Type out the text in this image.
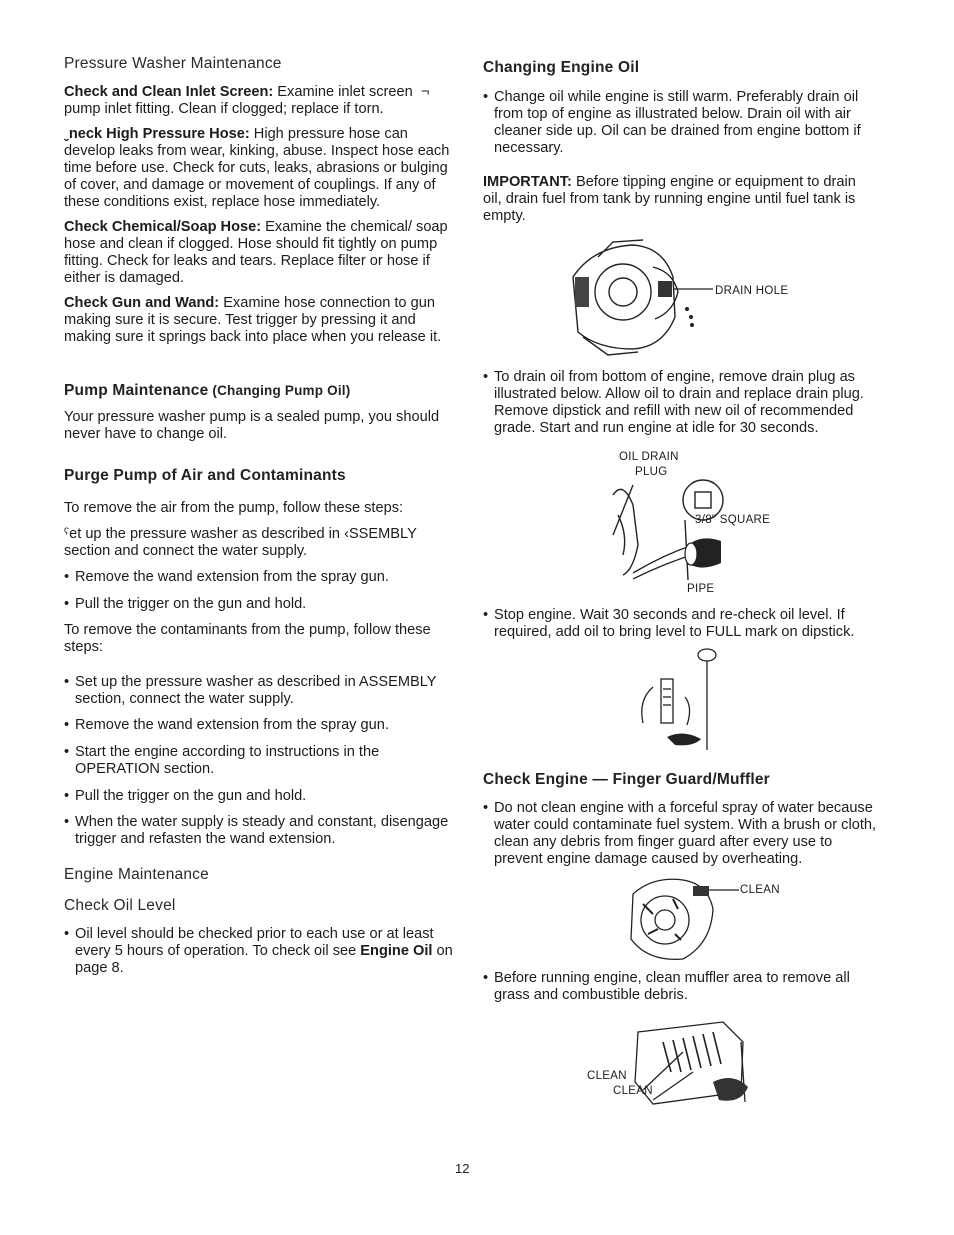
Pressure Washer Maintenance

Check and Clean Inlet Screen: Examine inlet screen  ¬ pump inlet fitting. Clean if clogged; replace if torn.

ˬneck High Pressure Hose: High pressure hose can develop leaks from wear, kinking, abuse. Inspect hose each time before use. Check for cuts, leaks, abrasions or bulging of cover, and damage or movement of couplings. If any of these conditions exist, replace hose immediately.

Check Chemical/Soap Hose: Examine the chemical/ soap hose and clean if clogged. Hose should fit tightly on pump fitting. Check for leaks and tears. Replace filter or hose if either is damaged.

Check Gun and Wand: Examine hose connection to gun making sure it is secure. Test trigger by pressing it and making sure it springs back into place when you release it.

Pump Maintenance (Changing Pump Oil)

Your pressure washer pump is a sealed pump, you should never have to change oil.

Purge Pump of Air and Contaminants

To remove the air from the pump, follow these steps:

ˁet up the pressure washer as described in ‹SSEMBLY section and connect the water supply.

• Remove the wand extension from the spray gun.
• Pull the trigger on the gun and hold.

To remove the contaminants from the pump, follow these steps:

• Set up the pressure washer as described in ASSEMBLY section, connect the water supply.
• Remove the wand extension from the spray gun.
• Start the engine according to instructions in the OPERATION section.
• Pull the trigger on the gun and hold.
• When the water supply is steady and constant, disengage trigger and refasten the wand extension.
Engine Maintenance
Check Oil Level
• Oil level should be checked prior to each use or at least every 5 hours of operation. To check oil see Engine Oil on page 8.
Changing Engine Oil
• Change oil while engine is still warm. Preferably drain oil from top of engine as illustrated below. Drain oil with air cleaner side up. Oil can be drained from engine bottom if necessary.

IMPORTANT: Before tipping engine or equipment to drain oil, drain fuel from tank by running engine until fuel tank is empty.

DRAIN HOLE
• To drain oil from bottom of engine, remove drain plug as illustrated below. Allow oil to drain and replace drain plug. Remove dipstick and refill with new oil of recommended grade. Start and run engine at idle for 30 seconds.
OIL DRAIN
PLUG
3/8" SQUARE
PIPE
• Stop engine. Wait 30 seconds and re-check oil level. If required, add oil to bring level to FULL mark on dipstick.
Check Engine — Finger Guard/Muffler
• Do not clean engine with a forceful spray of water because water could contaminate fuel system. With a brush or cloth, clean any debris from finger guard after every use to prevent engine damage caused by overheating.
CLEAN
• Before running engine, clean muffler area to remove all grass and combustible debris.
CLEAN
CLEAN
12
